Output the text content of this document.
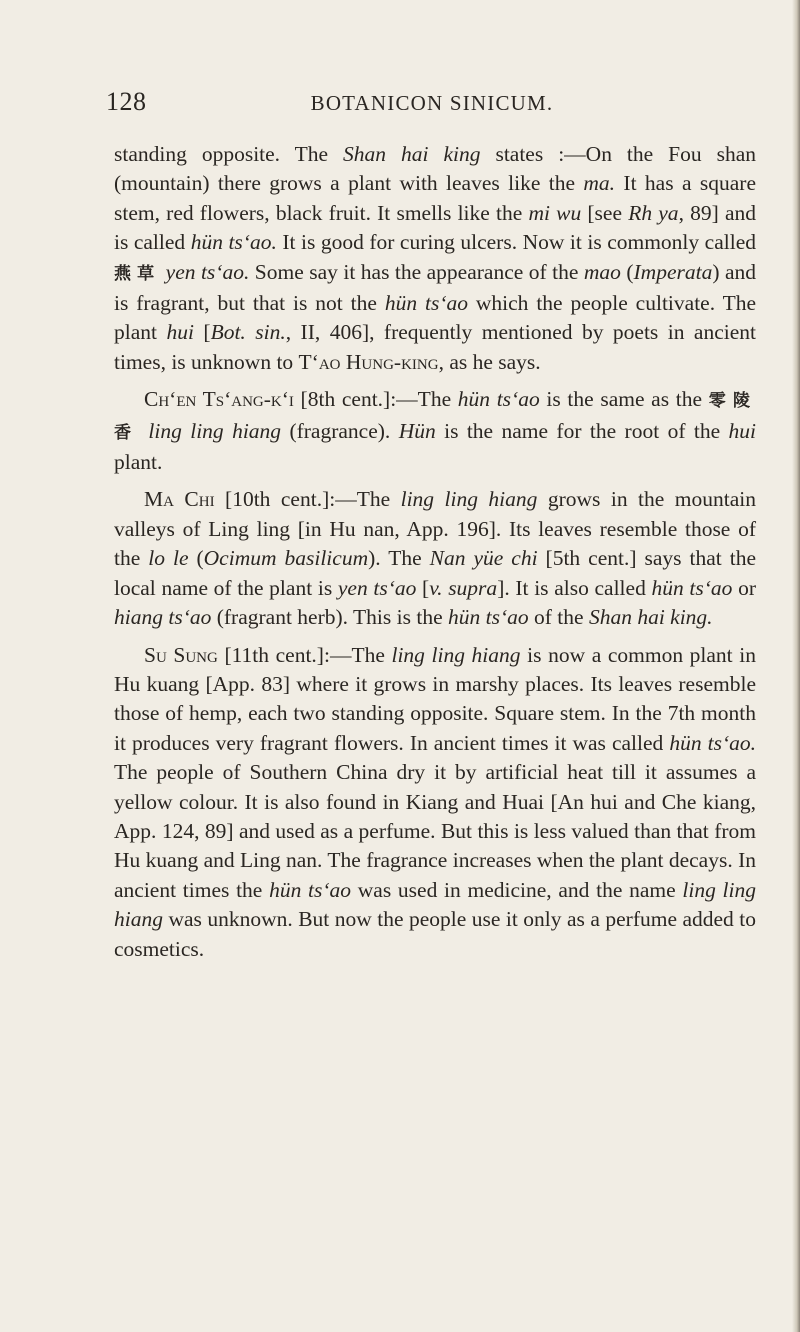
128	BOTANICON SINICUM.

standing opposite. The Shan hai king states :—On the Fou shan (mountain) there grows a plant with leaves like the ma. It has a square stem, red flowers, black fruit. It smells like the mi wu [see Rh ya, 89] and is called hün ts‘ao. It is good for curing ulcers. Now it is commonly called 燕草 yen ts‘ao. Some say it has the appearance of the mao (Imperata) and is fragrant, but that is not the hün ts‘ao which the people cultivate. The plant hui [Bot. sin., II, 406], frequently mentioned by poets in ancient times, is unknown to T‘ao Hung-king, as he says.

Ch‘en Ts‘ang-k‘i [8th cent.]:—The hün ts‘ao is the same as the 零陵香 ling ling hiang (fragrance). Hün is the name for the root of the hui plant.

Ma Chi [10th cent.]:—The ling ling hiang grows in the mountain valleys of Ling ling [in Hu nan, App. 196]. Its leaves resemble those of the lo le (Ocimum basilicum). The Nan yüe chi [5th cent.] says that the local name of the plant is yen ts‘ao [v. supra]. It is also called hün ts‘ao or hiang ts‘ao (fragrant herb). This is the hün ts‘ao of the Shan hai king.

Su Sung [11th cent.]:—The ling ling hiang is now a common plant in Hu kuang [App. 83] where it grows in marshy places. Its leaves resemble those of hemp, each two standing opposite. Square stem. In the 7th month it produces very fragrant flowers. In ancient times it was called hün ts‘ao. The people of Southern China dry it by artificial heat till it assumes a yellow colour. It is also found in Kiang and Huai [An hui and Che kiang, App. 124, 89] and used as a perfume. But this is less valued than that from Hu kuang and Ling nan. The fragrance increases when the plant decays. In ancient times the hün ts‘ao was used in medicine, and the name ling ling hiang was unknown. But now the people use it only as a perfume added to cosmetics.
